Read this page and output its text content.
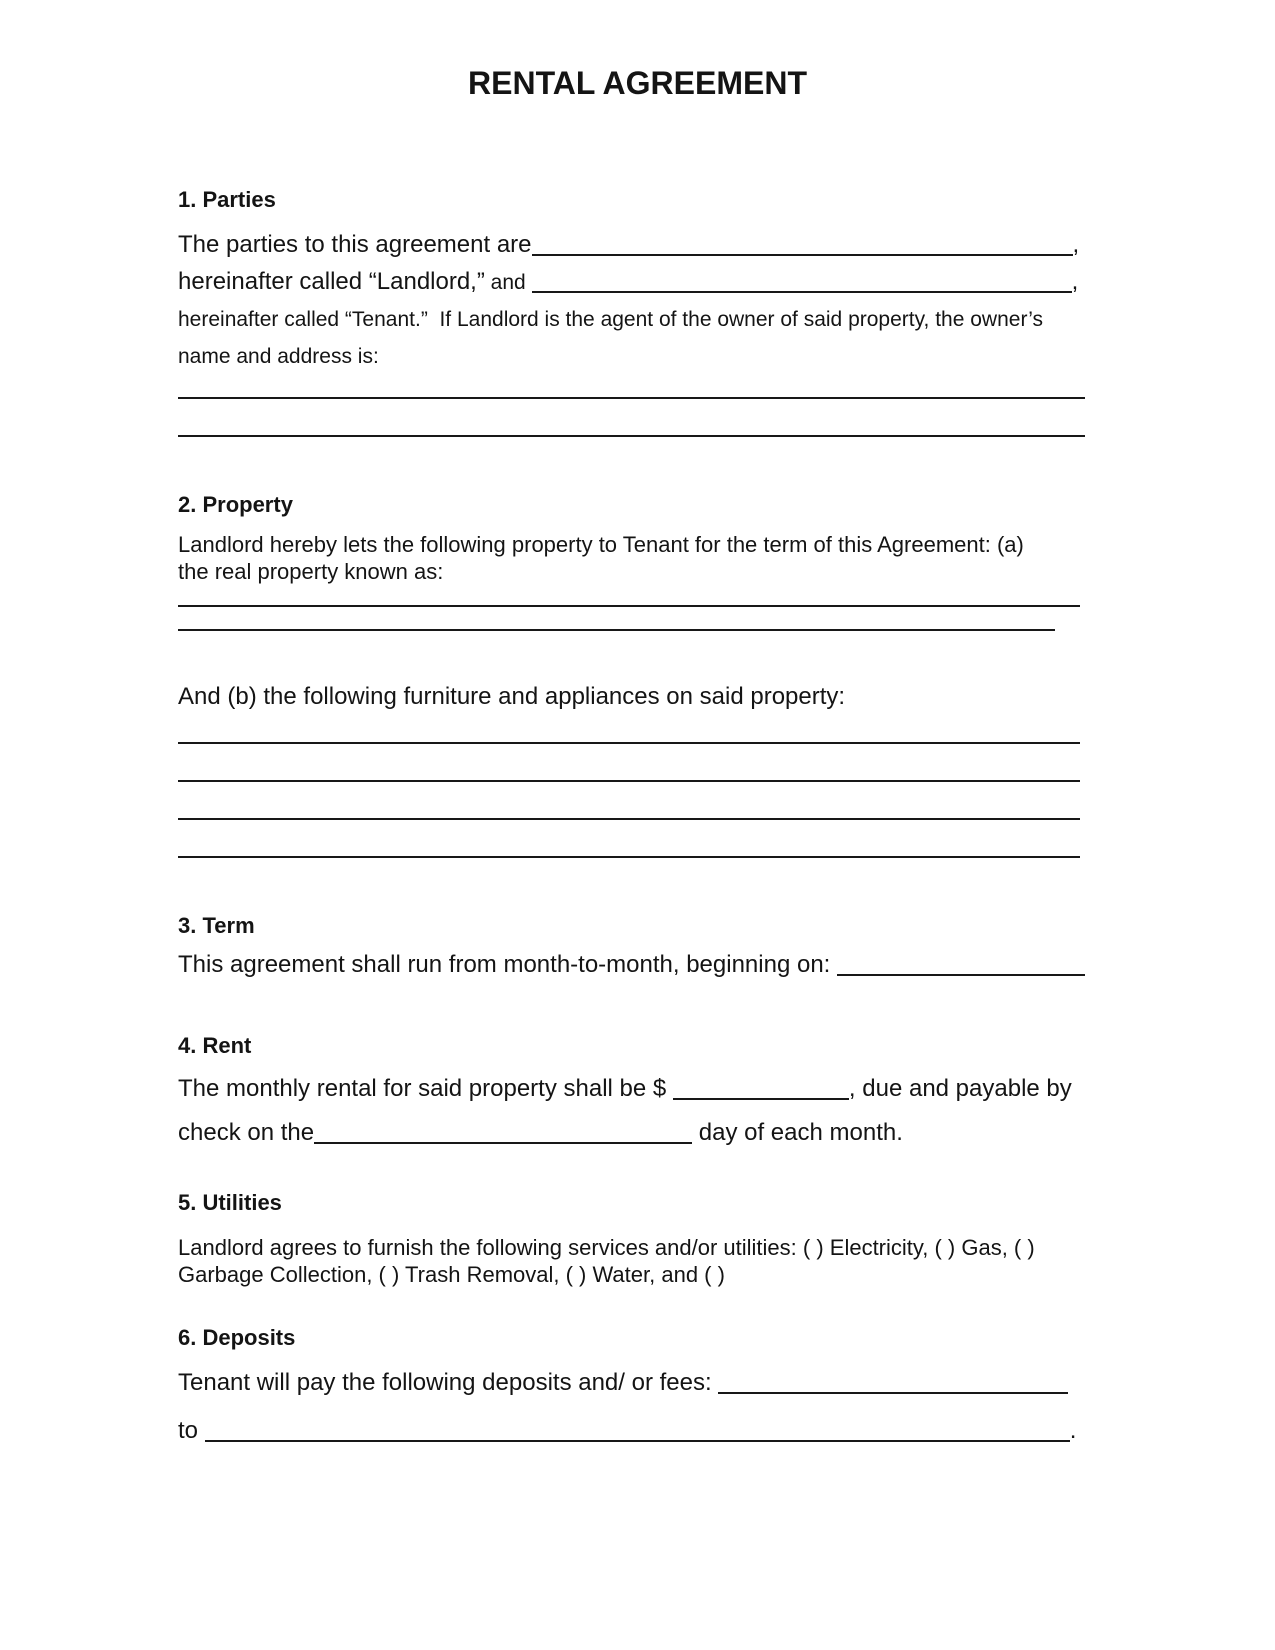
RENTAL AGREEMENT
1. Parties
The parties to this agreement are	,
hereinafter called “Landlord,” and	,
hereinafter called “Tenant.”  If Landlord is the agent of the owner of said property, the owner’s
name and address is:
2. Property
Landlord hereby lets the following property to Tenant for the term of this Agreement: (a)
the real property known as:
And (b) the following furniture and appliances on said property:
3. Term
This agreement shall run from month-to-month, beginning on:
4. Rent
The monthly rental for said property shall be $	, due and payable by
check on the	day of each month.
5. Utilities
Landlord agrees to furnish the following services and/or utilities: ( ) Electricity, ( ) Gas, ( )
Garbage Collection, ( ) Trash Removal, ( ) Water, and ( )
6. Deposits
Tenant will pay the following deposits and/ or fees:
to	.
